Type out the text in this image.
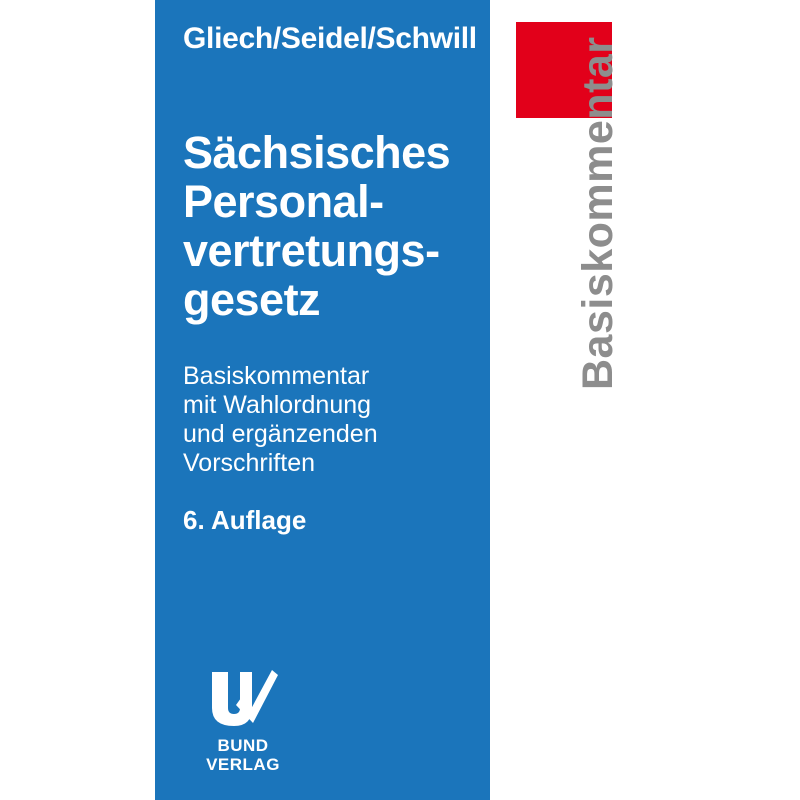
Basiskommentar
Gliech/Seidel/Schwill
Sächsisches
Personal-
vertretungs-
gesetz
Basiskommentar
mit Wahlordnung
und ergänzenden
Vorschriften
6. Auflage
BUND
VERLAG
